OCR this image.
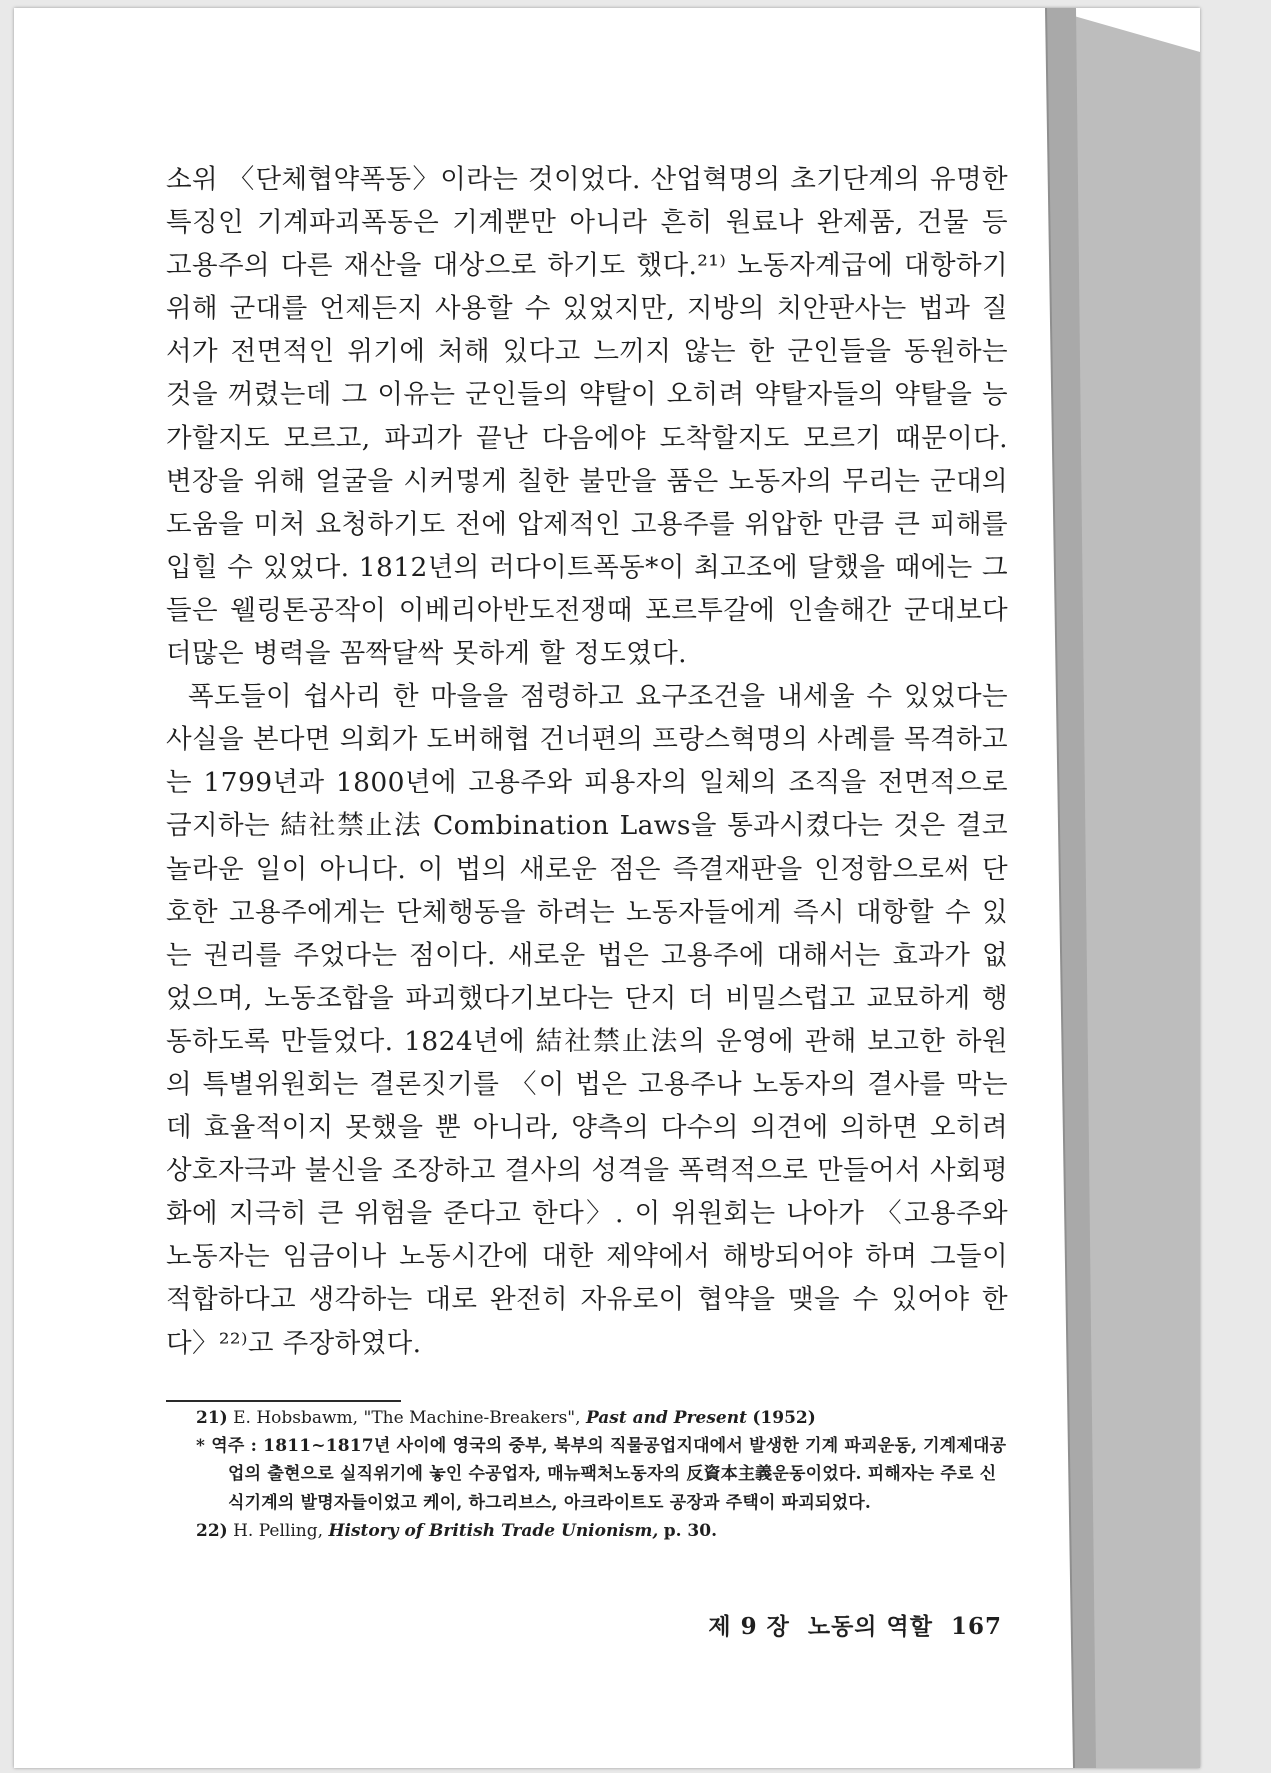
소위 〈단체협약폭동〉이라는 것이었다. 산업혁명의 초기단계의 유명한 특징인 기계파괴폭동은 기계뿐만 아니라 흔히 원료나 완제품, 건물 등 고용주의 다른 재산을 대상으로 하기도 했다.²¹⁾ 노동자계급에 대항하기 위해 군대를 언제든지 사용할 수 있었지만, 지방의 치안판사는 법과 질서가 전면적인 위기에 처해 있다고 느끼지 않는 한 군인들을 동원하는 것을 꺼렸는데 그 이유는 군인들의 약탈이 오히려 약탈자들의 약탈을 능가할지도 모르고, 파괴가 끝난 다음에야 도착할지도 모르기 때문이다. 변장을 위해 얼굴을 시커멓게 칠한 불만을 품은 노동자의 무리는 군대의 도움을 미처 요청하기도 전에 압제적인 고용주를 위압한 만큼 큰 피해를 입힐 수 있었다. 1812년의 러다이트폭동*이 최고조에 달했을 때에는 그들은 웰링톤공작이 이베리아반도전쟁때 포르투갈에 인솔해간 군대보다 더많은 병력을 꼼짝달싹 못하게 할 정도였다.

폭도들이 쉽사리 한 마을을 점령하고 요구조건을 내세울 수 있었다는 사실을 본다면 의회가 도버해협 건너편의 프랑스혁명의 사례를 목격하고는 1799년과 1800년에 고용주와 피용자의 일체의 조직을 전면적으로 금지하는 結社禁止法 Combination Laws을 통과시켰다는 것은 결코 놀라운 일이 아니다. 이 법의 새로운 점은 즉결재판을 인정함으로써 단호한 고용주에게는 단체행동을 하려는 노동자들에게 즉시 대항할 수 있는 권리를 주었다는 점이다. 새로운 법은 고용주에 대해서는 효과가 없었으며, 노동조합을 파괴했다기보다는 단지 더 비밀스럽고 교묘하게 행동하도록 만들었다. 1824년에 結社禁止法의 운영에 관해 보고한 하원의 특별위원회는 결론짓기를 〈이 법은 고용주나 노동자의 결사를 막는 데 효율적이지 못했을 뿐 아니라, 양측의 다수의 의견에 의하면 오히려 상호자극과 불신을 조장하고 결사의 성격을 폭력적으로 만들어서 사회평화에 지극히 큰 위험을 준다고 한다〉. 이 위원회는 나아가 〈고용주와 노동자는 임금이나 노동시간에 대한 제약에서 해방되어야 하며 그들이 적합하다고 생각하는 대로 완전히 자유로이 협약을 맺을 수 있어야 한다〉²²⁾고 주장하였다.

21) E. Hobsbawm, "The Machine-Breakers", Past and Present (1952)

* 역주 : 1811~1817년 사이에 영국의 중부, 북부의 직물공업지대에서 발생한 기계 파괴운동, 기계제대공업의 출현으로 실직위기에 놓인 수공업자, 매뉴팩처노동자의 反資本主義운동이었다. 피해자는 주로 신식기계의 발명자들이었고 케이, 하그리브스, 아크라이트도 공장과 주택이 파괴되었다.

22) H. Pelling, History of British Trade Unionism, p. 30.

제 9 장 노동의 역할 167
